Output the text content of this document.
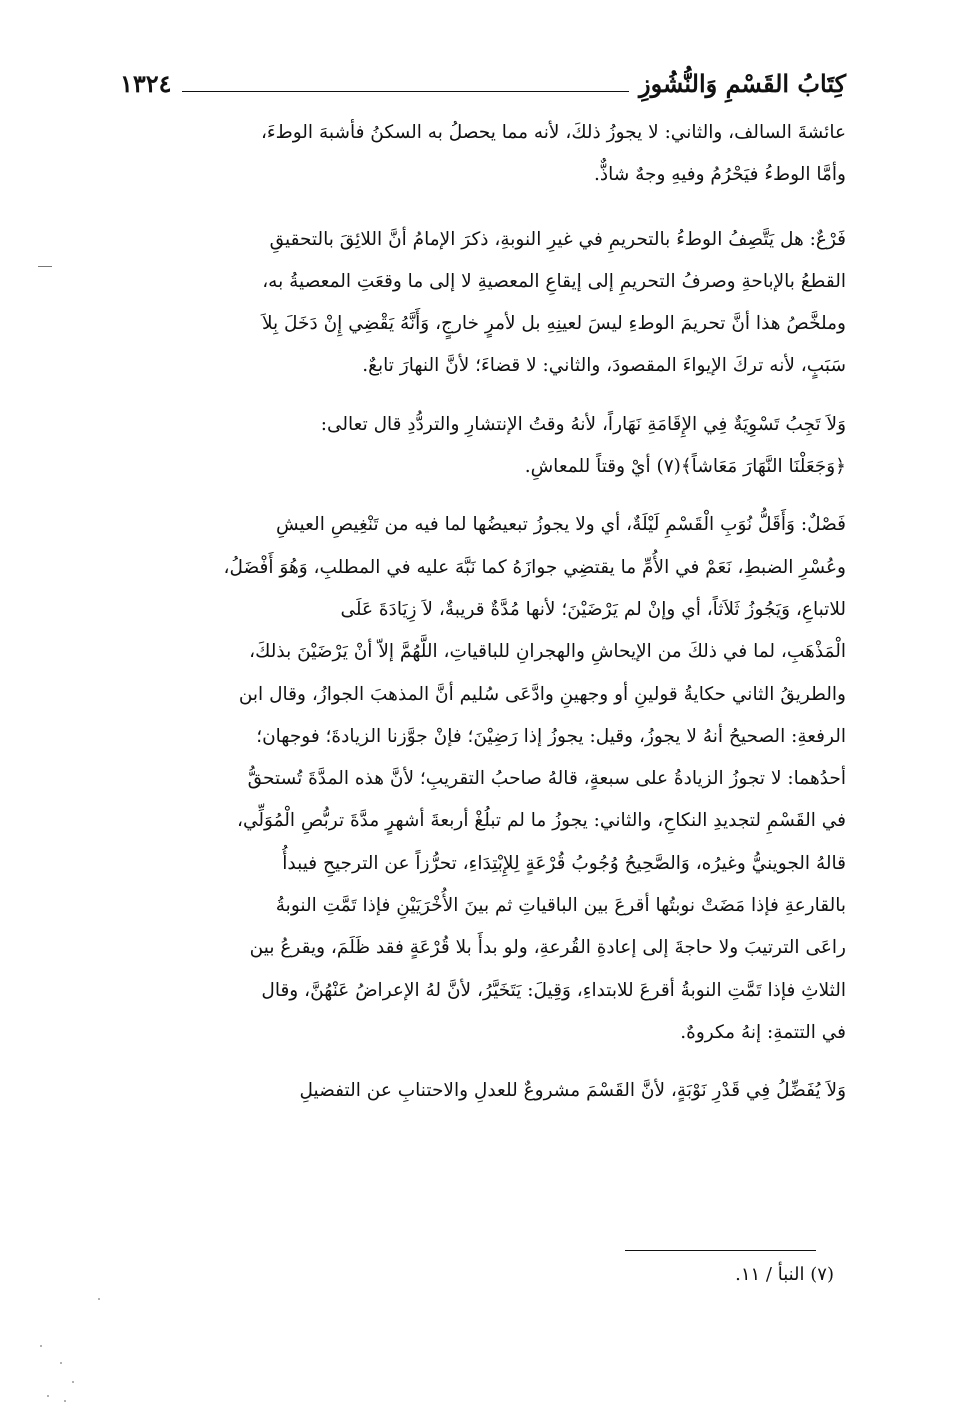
كِتَابُ القَسْمِ وَالنُّشُوزِ
١٣٢٤

عائشةَ السالف، والثاني: لا يجوزُ ذلكَ، لأنه مما يحصلُ به السكنُ فأشبهَ الوطءَ،
وأمَّا الوطءُ فيَحْرُمُ وفيهِ وجهٌ شاذٌّ.

فَرْعٌ: هل يَتَّصِفُ الوطءُ بالتحريمِ في غيرِ النوبةِ، ذكرَ الإمامُ أنَّ اللائِقَ بالتحقيقِ
القطعُ بالإباحةِ وصرفُ التحريمِ إلى إيقاعِ المعصيةِ لا إلى ما وقعَتِ المعصيةُ به،
وملخَّصُ هذا أنَّ تحريمَ الوطءِ ليسَ لعينِهِ بل لأمرٍ خارجٍ، وَأَنَّهُ يَقْضِي إِنْ دَخَلَ بِلاَ
سَبَبٍ، لأنه تركَ الإيواءَ المقصودَ، والثاني: لا قضاءَ؛ لأنَّ النهارَ تابعٌ.

وَلاَ تَجِبُ تَسْوِيَةٌ فِي الإِقَامَةِ نَهَاراً، لأنهُ وقتُ الإنتشارِ والتردُّدِ قال تعالى:
﴿وَجَعَلْنَا النَّهَارَ مَعَاشاً﴾(٧) أيْ وقتاً للمعاشِ.

فَصْلٌ: وَأَقَلُّ نُوَبِ الْقَسْمِ لَيْلَةٌ، أي ولا يجوزُ تبعيضُها لما فيه من تَنْغِيصِ العيشِ
وعُسْرِ الضبطِ، نَعَمْ في الأُمِّ ما يقتضِي جوازَهُ كما نَبَّهَ عليه في المطلبِ، وَهُوَ أَفْضَلُ،
للاتباعِ، وَيَجُوزُ ثَلاَثاً، أي وإنْ لم يَرْضَيْنَ؛ لأنها مُدَّةٌ قريبةٌ، لاَ زِيَادَةَ عَلَى
الْمَذْهَبِ، لما في ذلكَ من الإيحاشِ والهجرانِ للباقياتِ، اللَّهُمَّ إلاّ أنْ يَرْضَيْنَ بذلكَ،
والطريقُ الثاني حكايةُ قولينِ أو وجهينِ وادَّعَى سُليم أنَّ المذهبَ الجوازُ، وقال ابن
الرفعةِ: الصحيحُ أنهُ لا يجوزُ، وقيل: يجوزُ إذا رَضِيْنَ؛ فإنْ جوَّزنا الزيادةَ؛ فوجهان؛
أحدُهما: لا تجوزُ الزيادةُ على سبعةٍ، قالهُ صاحبُ التقريبِ؛ لأنَّ هذه المدَّةَ تُستحقُّ
في القَسْمِ لتجديدِ النكاحِ، والثاني: يجوزُ ما لم تبلُغْ أربعةَ أشهرٍ مدَّةَ تربُّصِ الْمُوَلِّي،
قالهُ الجوينيُّ وغيرُه، وَالصَّحِيحُ وُجُوبُ قُرْعَةٍ لِلإِبْتِدَاءِ، تحرُّزاً عن الترجيحِ فيبدأُ
بالقارعةِ فإذا مَضَتْ نوبتُها أقرعَ بين الباقياتِ ثم بينَ الأُخْرَيَيْنِ فإذا تَمَّتِ النوبةُ
راعَى الترتيبَ ولا حاجةَ إلى إعادةِ القُرعةِ، ولو بدأَ بلا قُرْعَةٍ فقد ظَلَمَ، ويقرعُ بين
الثلاثِ فإذا تَمَّتِ النوبةُ أقرعَ للابتداءِ، وَقِيلَ: يَتَخَيَّرُ، لأنَّ لهُ الإعراضُ عَنْهُنَّ، وقال
في التتمةِ: إنهُ مكروهٌ.

وَلاَ يُفَضِّلُ فِي قَدْرِ نَوْبَةٍ، لأنَّ القَسْمَ مشروعٌ للعدلِ والاحتنابِ عن التفضيلِ

(٧) النبأ / ١١.
